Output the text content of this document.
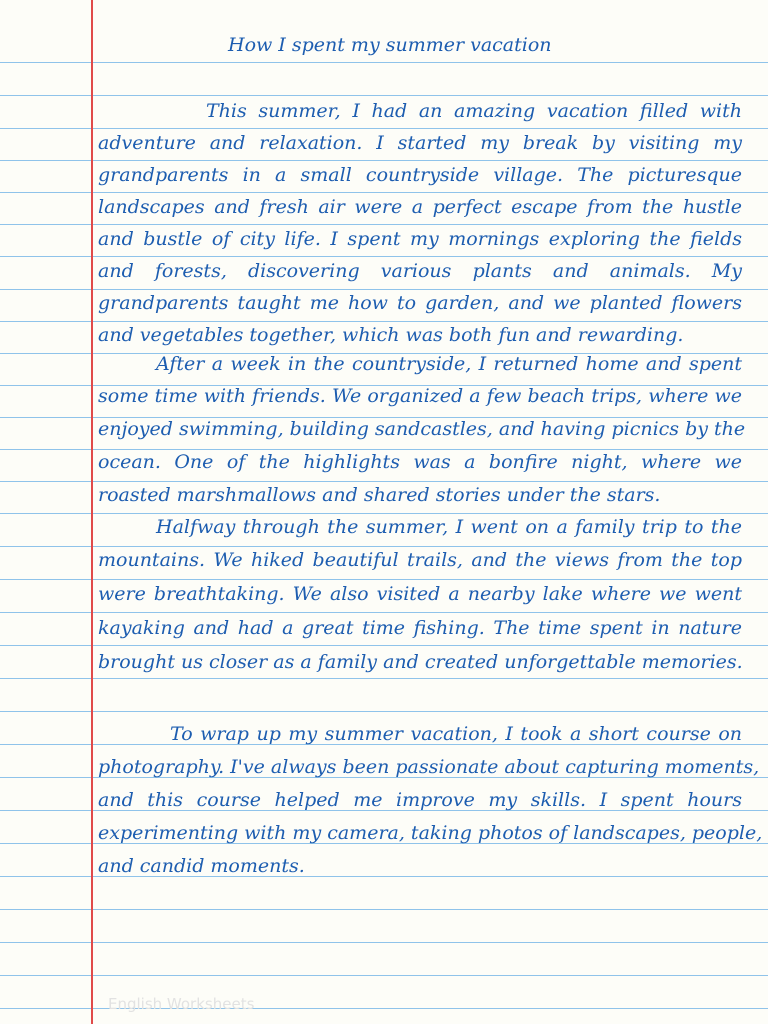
How I spent my summer vacation
This summer, I had an amazing vacation filled with
adventure and relaxation. I started my break by visiting my
grandparents in a small countryside village. The picturesque
landscapes and fresh air were a perfect escape from the hustle
and bustle of city life. I spent my mornings exploring the fields
and forests, discovering various plants and animals. My
grandparents taught me how to garden, and we planted flowers
and vegetables together, which was both fun and rewarding.
After a week in the countryside, I returned home and spent
some time with friends. We organized a few beach trips, where we
enjoyed swimming, building sandcastles, and having picnics by the
ocean. One of the highlights was a bonfire night, where we
roasted marshmallows and shared stories under the stars.
Halfway through the summer, I went on a family trip to the
mountains. We hiked beautiful trails, and the views from the top
were breathtaking. We also visited a nearby lake where we went
kayaking and had a great time fishing. The time spent in nature
brought us closer as a family and created unforgettable memories.
To wrap up my summer vacation, I took a short course on
photography. I've always been passionate about capturing moments,
and this course helped me improve my skills. I spent hours
experimenting with my camera, taking photos of landscapes, people,
and candid moments.
English Worksheets
